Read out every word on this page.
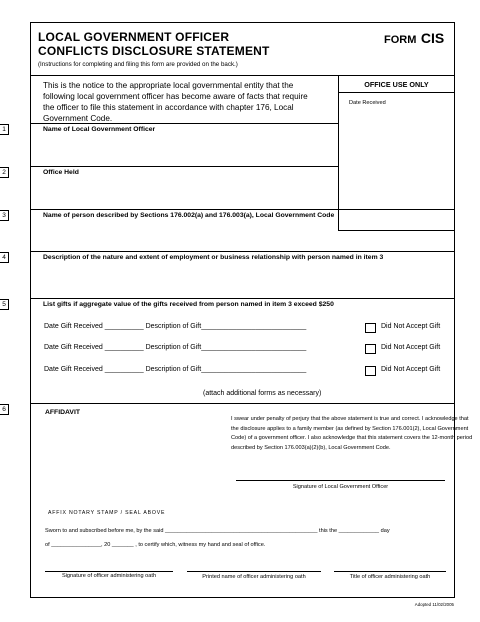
LOCAL GOVERNMENT OFFICER
CONFLICTS DISCLOSURE STATEMENT
FORM CIS
(Instructions for completing and filing this form are provided on the back.)
This is the notice to the appropriate local governmental entity that the
following local government officer has become aware of facts that require
the officer to file this statement in accordance with chapter 176, Local
Government Code.
OFFICE USE ONLY
Date Received
1	Name of Local Government Officer
2	Office Held
3	Name of person described by Sections 176.002(a) and 176.003(a), Local Government Code
4	Description of the nature and extent of employment or business relationship with person named in item 3
5	List gifts if aggregate value of the gifts received from person named in item 3 exceed $250
Date Gift Received __________ Description of Gift___________________________	Did Not Accept Gift
Date Gift Received __________ Description of Gift___________________________	Did Not Accept Gift
Date Gift Received __________ Description of Gift___________________________	Did Not Accept Gift
(attach additional forms as necessary)
6	AFFIDAVIT
I swear under penalty of perjury that the above statement is true and correct. I acknowledge that
the disclosure applies to a family member (as defined by Section 176.001(2), Local Government
Code) of a government officer. I also acknowledge that this statement covers the 12-month period
described by Section 176.003(a)(2)(b), Local Government Code.
Signature of Local Government Officer
AFFIX NOTARY STAMP / SEAL ABOVE
Sworn to and subscribed before me, by the said _________________________________________________ this the _____________ day
of ________________, 20 _______ , to certify which, witness my hand and seal of office.
Signature of officer administering oath	Printed name of officer administering oath	Title of officer administering oath
Adopted 11/02/2005
